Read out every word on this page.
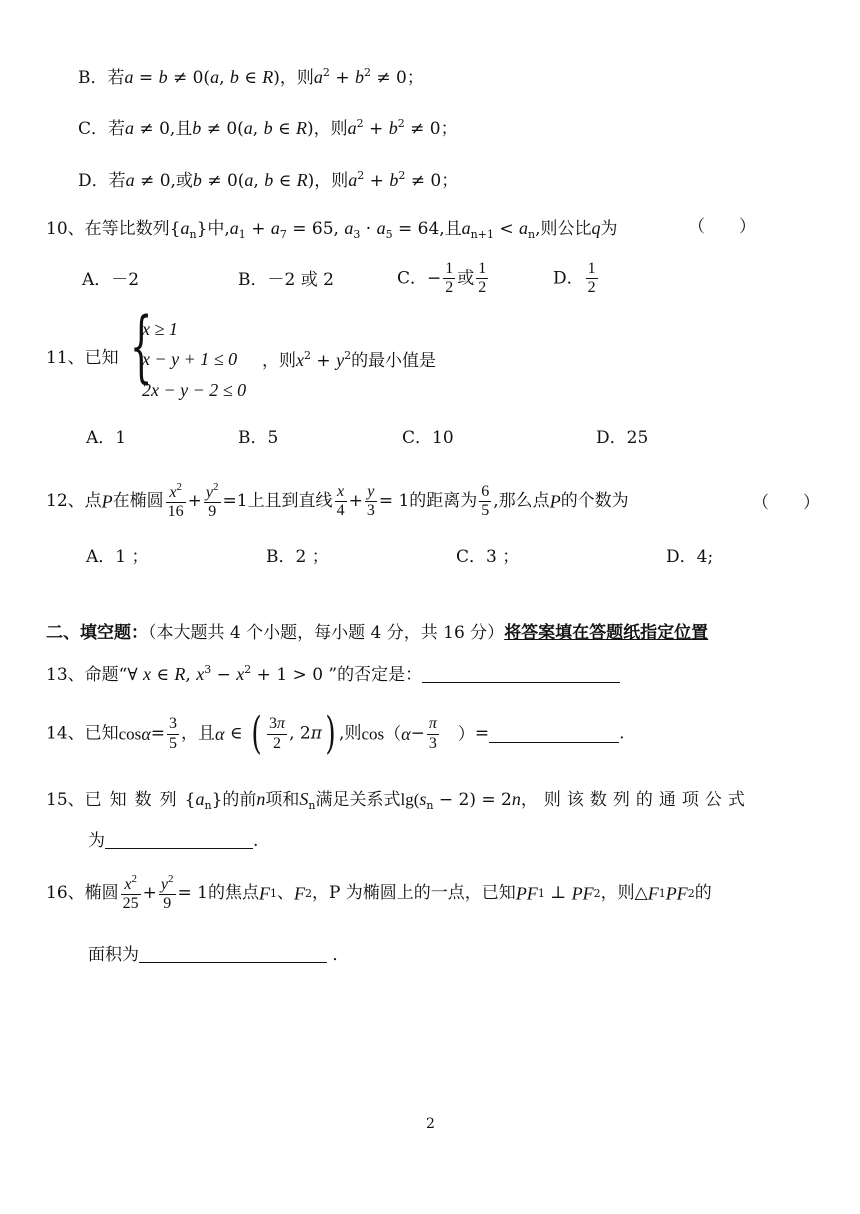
B．若a = b ≠ 0(a, b ∈ R)，则$a^2 + b^2 \ne 0$；
C．若a ≠ 0,且b ≠ 0(a, b ∈ R)，则$a^2 + b^2 \ne 0$；
D．若a ≠ 0,或b ≠ 0(a, b ∈ R)，则$a^2 + b^2 \ne 0$；
10、在等比数列$\{a_n\}$中$,a_1 + a_7 = 65$, $a_3 \cdot a_5 = 64$,且$a_{n+1} < a_n$,则公比q为	（　　）
A．－2	B．－2 或 2	C．− $\frac{1}{2}$ 或 $\frac{1}{2}$	D． $\frac{1}{2}$
11、已知 {
x ≥ 1
x − y + 1 ≤ 0
2x − y − 2 ≤ 0
，则$x^2 + y^2$的最小值是
A．1	B．5	C．10	D．25
12、点P在椭圆 $\frac{x^2}{16} + \frac{y^2}{9} =1$上且到直线 $\frac{x}{4} + \frac{y}{3} = 1$的距离为 $\frac{6}{5}$ ,那么点P的个数为	（　　）
A．1 ；	B．2 ；	C．3 ；	D．4;
二、填空题：（本大题共 4 个小题，每小题 4 分，共 16 分）将答案填在答题纸指定位置
13、命题“∀ x ∈ R, $x^3 - x^2 + 1 > 0$ ”的否定是：
14、已知$\cos\alpha= \frac{3}{5}$ ，且α ∈ ( $\frac{3\pi}{2}$ , 2π) ,则$\cos(\alpha- \frac{\pi}{3}$ 　）=	.
15、已知数列$\{a_n\}$的前n项和$S_n$满足关系式$\lg(s_n - 2) = 2n$，则该数列的通项公式
为	.
16、椭圆 $\frac{x^2}{25} + \frac{y^2}{9} = 1$的焦点F1、F2，P 为椭圆上的一点，已知PF1 ⊥ PF2，则△F1PF2的
面积为	．
2
